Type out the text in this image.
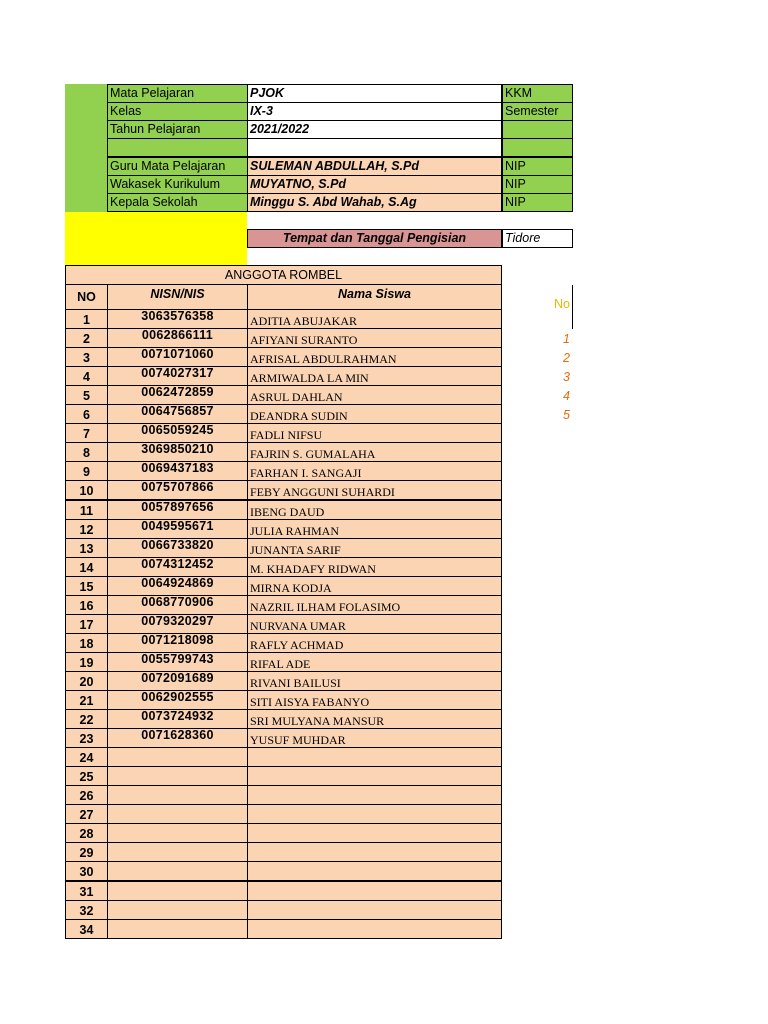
Mata Pelajaran	PJOK	KKM
Kelas	IX-3	Semester
Tahun Pelajaran	2021/2022
Guru Mata Pelajaran	SULEMAN ABDULLAH, S.Pd	NIP
Wakasek Kurikulum	MUYATNO, S.Pd	NIP
Kepala Sekolah	Minggu S. Abd Wahab, S.Ag	NIP
Tempat dan Tanggal Pengisian	Tidore
ANGGOTA ROMBEL
NO	NISN/NIS	Nama Siswa
1	3063576358	ADITIA ABUJAKAR
2	0062866111	AFIYANI SURANTO
3	0071071060	AFRISAL ABDULRAHMAN
4	0074027317	ARMIWALDA LA MIN
5	0062472859	ASRUL DAHLAN
6	0064756857	DEANDRA SUDIN
7	0065059245	FADLI NIFSU
8	3069850210	FAJRIN S. GUMALAHA
9	0069437183	FARHAN I. SANGAJI
10	0075707866	FEBY ANGGUNI SUHARDI
11	0057897656	IBENG DAUD
12	0049595671	JULIA RAHMAN
13	0066733820	JUNANTA SARIF
14	0074312452	M. KHADAFY RIDWAN
15	0064924869	MIRNA KODJA
16	0068770906	NAZRIL ILHAM FOLASIMO
17	0079320297	NURVANA UMAR
18	0071218098	RAFLY ACHMAD
19	0055799743	RIFAL ADE
20	0072091689	RIVANI BAILUSI
21	0062902555	SITI AISYA FABANYO
22	0073724932	SRI MULYANA MANSUR
23	0071628360	YUSUF MUHDAR
24
25
26
27
28
29
30
31
32
34
No
1
2
3
4
5
